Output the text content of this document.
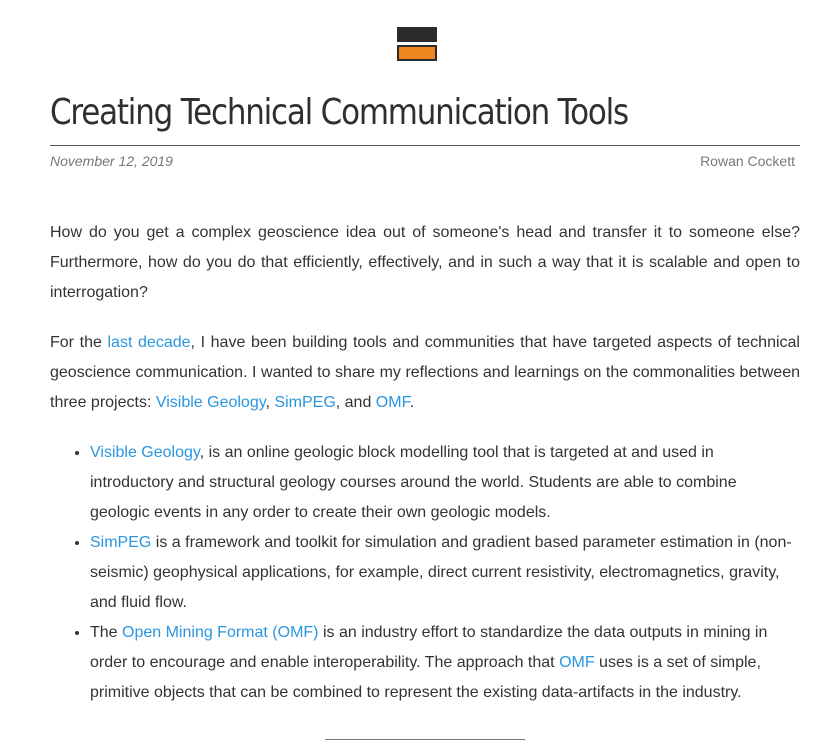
Creating Technical Communication Tools
November 12, 2019	Rowan Cockett

How do you get a complex geoscience idea out of someone's head and transfer it to someone else? Furthermore, how do you do that efficiently, effectively, and in such a way that it is scalable and open to interrogation?

For the last decade, I have been building tools and communities that have targeted aspects of technical geoscience communication. I wanted to share my reflections and learnings on the commonalities between three projects: Visible Geology, SimPEG, and OMF.

• Visible Geology, is an online geologic block modelling tool that is targeted at and used in introductory and structural geology courses around the world. Students are able to combine geologic events in any order to create their own geologic models.
• SimPEG is a framework and toolkit for simulation and gradient based parameter estimation in (non-seismic) geophysical applications, for example, direct current resistivity, electromagnetics, gravity, and fluid flow.
• The Open Mining Format (OMF) is an industry effort to standardize the data outputs in mining in order to encourage and enable interoperability. The approach that OMF uses is a set of simple, primitive objects that can be combined to represent the existing data-artifacts in the industry.
